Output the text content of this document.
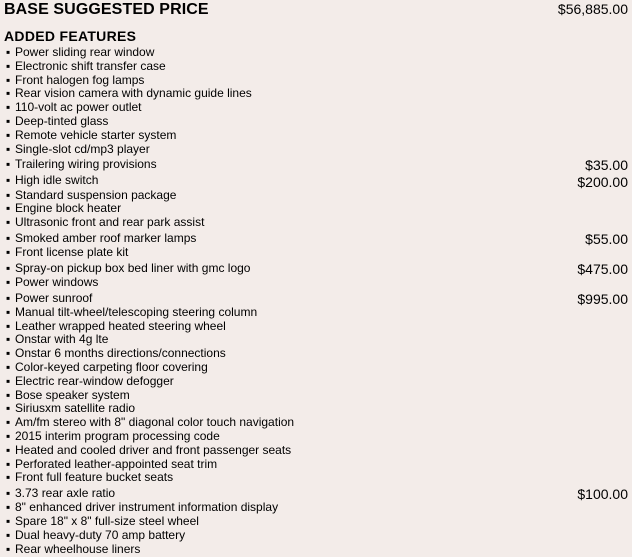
BASE SUGGESTED PRICE	$56,885.00
ADDED FEATURES
▪ Power sliding rear window
▪ Electronic shift transfer case
▪ Front halogen fog lamps
▪ Rear vision camera with dynamic guide lines
▪ 110-volt ac power outlet
▪ Deep-tinted glass
▪ Remote vehicle starter system
▪ Single-slot cd/mp3 player
▪ Trailering wiring provisions	$35.00
▪ High idle switch	$200.00
▪ Standard suspension package
▪ Engine block heater
▪ Ultrasonic front and rear park assist
▪ Smoked amber roof marker lamps	$55.00
▪ Front license plate kit
▪ Spray-on pickup box bed liner with gmc logo	$475.00
▪ Power windows
▪ Power sunroof	$995.00
▪ Manual tilt-wheel/telescoping steering column
▪ Leather wrapped heated steering wheel
▪ Onstar with 4g lte
▪ Onstar 6 months directions/connections
▪ Color-keyed carpeting floor covering
▪ Electric rear-window defogger
▪ Bose speaker system
▪ Siriusxm satellite radio
▪ Am/fm stereo with 8" diagonal color touch navigation
▪ 2015 interim program processing code
▪ Heated and cooled driver and front passenger seats
▪ Perforated leather-appointed seat trim
▪ Front full feature bucket seats
▪ 3.73 rear axle ratio	$100.00
▪ 8" enhanced driver instrument information display
▪ Spare 18" x 8" full-size steel wheel
▪ Dual heavy-duty 70 amp battery
▪ Rear wheelhouse liners
